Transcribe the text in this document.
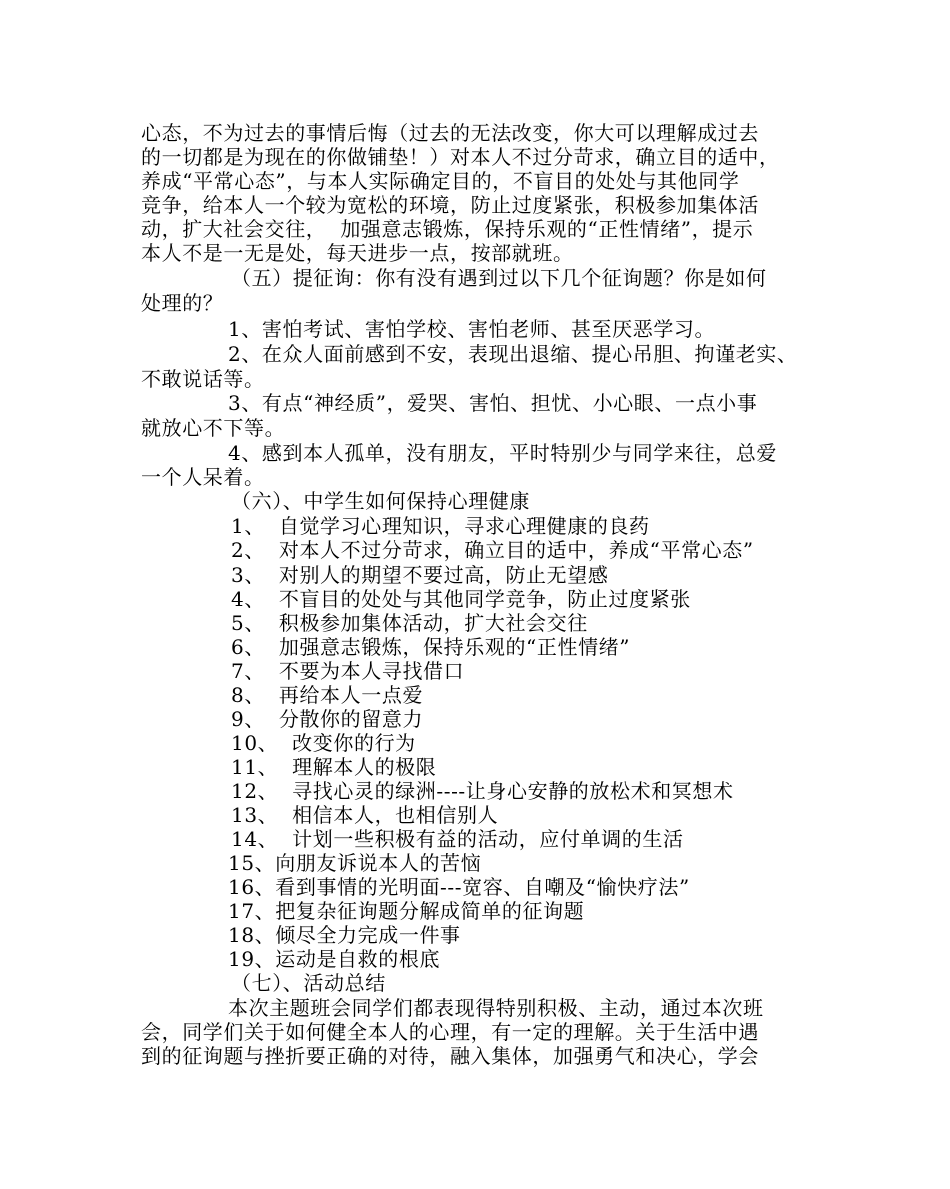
心态，不为过去的事情后悔（过去的无法改变，你大可以理解成过去
的一切都是为现在的你做铺垫！）对本人不过分苛求，确立目的适中，
养成“平常心态”，与本人实际确定目的，不盲目的处处与其他同学
竞争，给本人一个较为宽松的环境，防止过度紧张，积极参加集体活
动，扩大社会交往，  加强意志锻炼，保持乐观的“正性情绪”，提示
本人不是一无是处，每天进步一点，按部就班。
（五）提征询：你有没有遇到过以下几个征询题？你是如何
处理的？
1、害怕考试、害怕学校、害怕老师、甚至厌恶学习。
2、在众人面前感到不安，表现出退缩、提心吊胆、拘谨老实、
不敢说话等。
3、有点“神经质”，爱哭、害怕、担忧、小心眼、一点小事
就放心不下等。
4、感到本人孤单，没有朋友，平时特别少与同学来往，总爱
一个人呆着。
（六）、中学生如何保持心理健康
1、  自觉学习心理知识，寻求心理健康的良药
2、  对本人不过分苛求，确立目的适中，养成“平常心态”
3、  对别人的期望不要过高，防止无望感
4、  不盲目的处处与其他同学竞争，防止过度紧张
5、  积极参加集体活动，扩大社会交往
6、  加强意志锻炼，保持乐观的“正性情绪”
7、  不要为本人寻找借口
8、  再给本人一点爱
9、  分散你的留意力
10、  改变你的行为
11、  理解本人的极限
12、  寻找心灵的绿洲----让身心安静的放松术和冥想术
13、  相信本人，也相信别人
14、  计划一些积极有益的活动，应付单调的生活
15、向朋友诉说本人的苦恼
16、看到事情的光明面---宽容、自嘲及“愉快疗法”
17、把复杂征询题分解成简单的征询题
18、倾尽全力完成一件事
19、运动是自救的根底
（七）、活动总结
本次主题班会同学们都表现得特别积极、主动，通过本次班
会，同学们关于如何健全本人的心理，有一定的理解。关于生活中遇
到的征询题与挫折要正确的对待，融入集体，加强勇气和决心，学会
